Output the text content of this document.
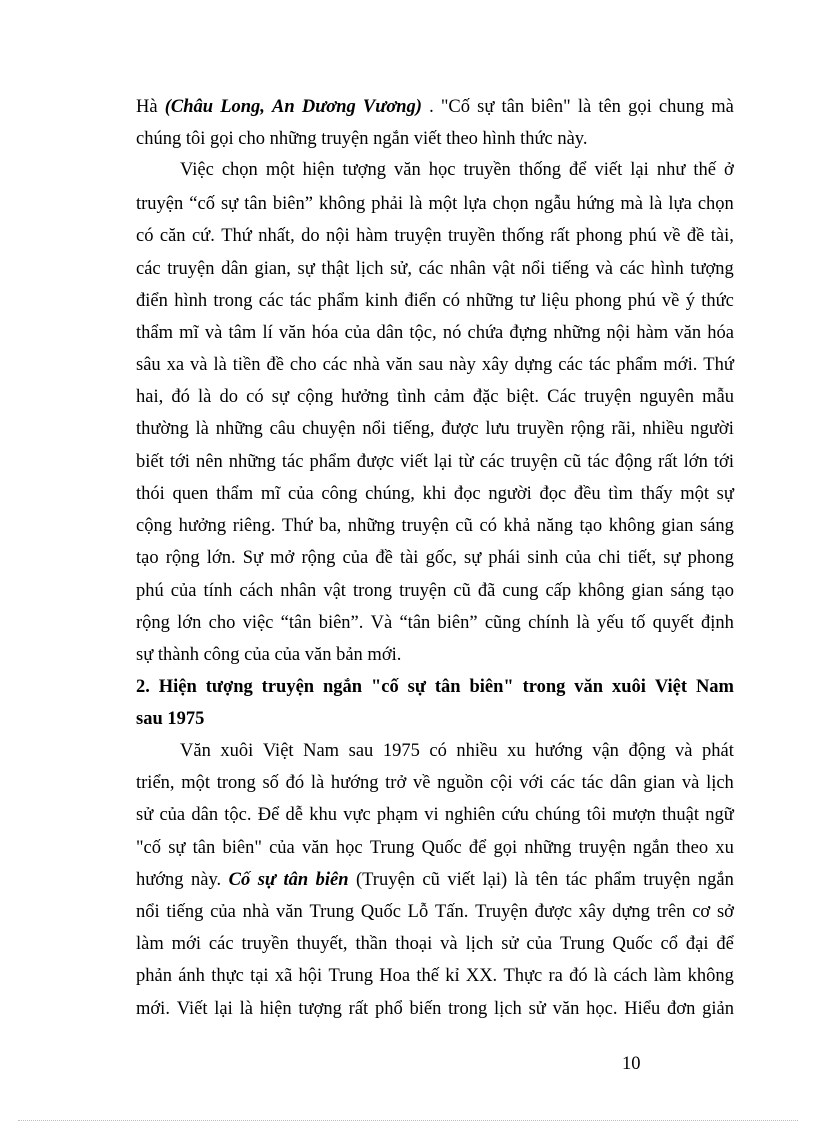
Hà (Châu Long, An Dương Vương) . "Cố sự tân biên" là tên gọi chung mà
chúng tôi gọi cho những truyện ngắn viết theo hình thức này.
Việc chọn một hiện tượng văn học truyền thống để viết lại như thế ở
truyện “cố sự tân biên” không phải là một lựa chọn ngẫu hứng mà là lựa chọn
có căn cứ. Thứ nhất, do nội hàm truyện truyền thống rất phong phú về đề tài,
các truyện dân gian, sự thật lịch sử, các nhân vật nổi tiếng và các hình tượng
điển hình trong các tác phẩm kinh điển có những tư liệu phong phú về ý thức
thẩm mĩ và tâm lí văn hóa của dân tộc, nó chứa đựng những nội hàm văn hóa
sâu xa và là tiền đề cho các nhà văn sau này xây dựng các tác phẩm mới. Thứ
hai, đó là do có sự cộng hưởng tình cảm đặc biệt. Các truyện nguyên mẫu
thường là những câu chuyện nổi tiếng, được lưu truyền rộng rãi, nhiều người
biết tới nên những tác phẩm được viết lại từ các truyện cũ tác động rất lớn tới
thói quen thẩm mĩ của công chúng, khi đọc người đọc đều tìm thấy một sự
cộng hưởng riêng. Thứ ba, những truyện cũ có khả năng tạo không gian sáng
tạo rộng lớn. Sự mở rộng của đề tài gốc, sự phái sinh của chi tiết, sự phong
phú của tính cách nhân vật trong truyện cũ đã cung cấp không gian sáng tạo
rộng lớn cho việc “tân biên”. Và “tân biên” cũng chính là yếu tố quyết định
sự thành công của của văn bản mới.
2. Hiện tượng truyện ngắn "cố sự tân biên" trong văn xuôi Việt Nam
sau 1975
Văn xuôi Việt Nam sau 1975 có nhiều xu hướng vận động và phát
triển, một trong số đó là hướng trở về nguồn cội với các tác dân gian và lịch
sử của dân tộc. Để dễ khu vực phạm vi nghiên cứu chúng tôi mượn thuật ngữ
"cố sự tân biên" của văn học Trung Quốc để gọi những truyện ngắn theo xu
hướng này. Cố sự tân biên (Truyện cũ viết lại) là tên tác phẩm truyện ngắn
nổi tiếng của nhà văn Trung Quốc Lỗ Tấn. Truyện được xây dựng trên cơ sở
làm mới các truyền thuyết, thần thoại và lịch sử của Trung Quốc cổ đại để
phản ánh thực tại xã hội Trung Hoa thế kỉ XX. Thực ra đó là cách làm không
mới. Viết lại là hiện tượng rất phổ biến trong lịch sử văn học. Hiểu đơn giản
10
